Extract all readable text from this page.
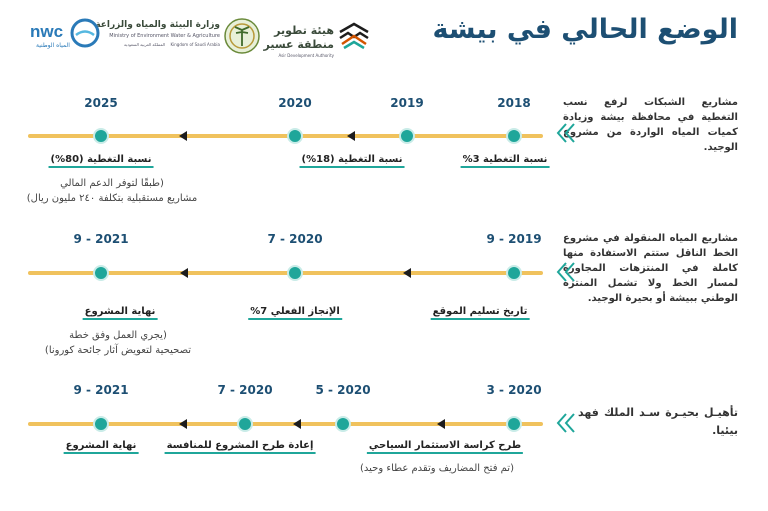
الوضع الحالي في بيشة
هيئة تطوير
منطقة عسير
Asir Development Authority
وزارة البيئة والمياه والزراعة
Ministry of Environment Water & Agriculture
Kingdom of Saudi Arabia
المملكة العربية السعودية
nwc
المياه الوطنية
مشاريع الشبكات لرفع نسب التغطية في محافظة بيشة وزيادة كميات المياه الواردة من مشروع الوجيد.
2018
2019
2020
2025
نسبة التغطية 3%
نسبة التغطية (18%)
نسبة التغطية (80%)
(طبقًا لتوفر الدعم المالي
مشاريع مستقبلية بتكلفة ٢٤٠ مليون ريال)
مشاريع المياه المنقولة في مشروع الخط الناقل ستتم الاستفادة منها كاملة في المنتزهات المجاورة لمسار الخط ولا تشمل المنتزه الوطني ببيشة أو بحيرة الوجيد.
9 - 2019
7 - 2020
9 - 2021
تاريخ تسليم الموقع
الإنجاز الفعلي 7%
نهاية المشروع
(يجري العمل وفق خطة
تصحيحية لتعويض آثار جائحة كورونا)
تأهيـل بحيـرة سـد الملك فهد بيئيا.
3 - 2020
5 - 2020
7 - 2020
9 - 2021
طرح كراسة الاستثمار السياحي
إعادة طرح المشروع للمنافسة
نهاية المشروع
(تم فتح المضاريف وتقدم عطاء وحيد)
